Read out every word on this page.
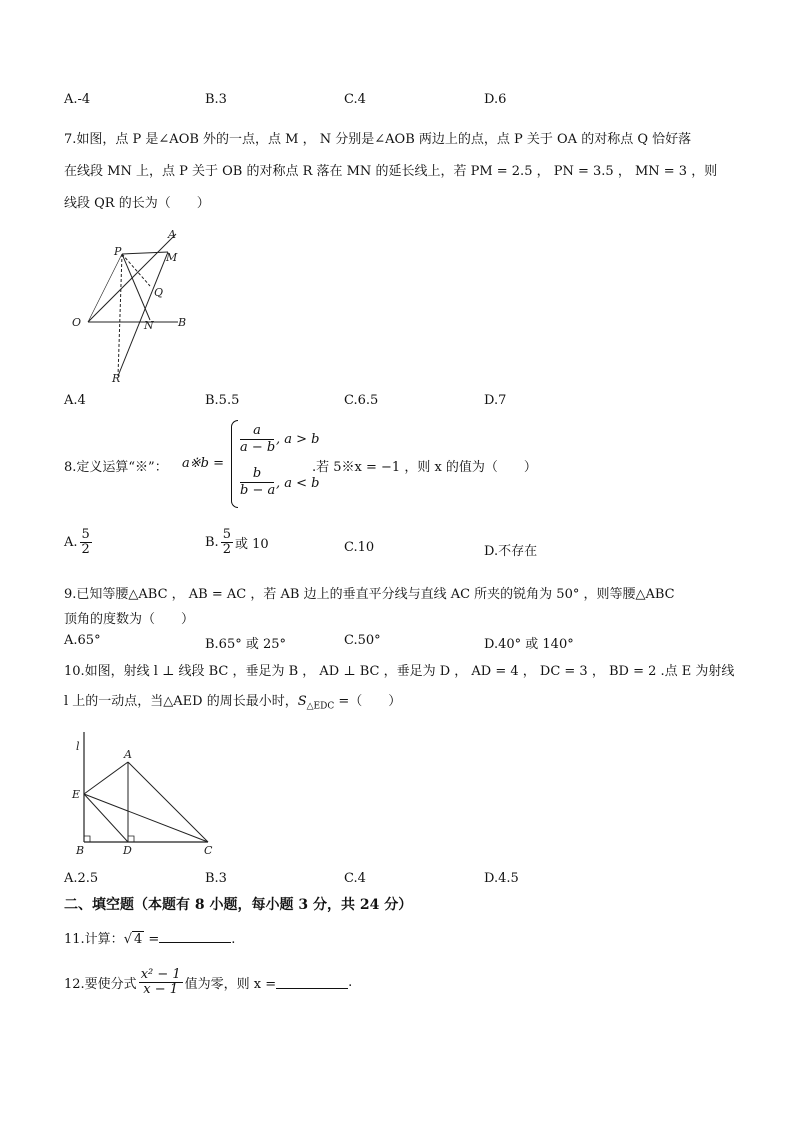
A.-4	B.3	C.4	D.6
7.如图，点 P 是∠AOB 外的一点，点 M ， N 分别是∠AOB 两边上的点，点 P 关于 OA 的对称点 Q 恰好落
在线段 MN 上，点 P 关于 OB 的对称点 R 落在 MN 的延长线上，若 PM = 2.5 ， PN = 3.5 ， MN = 3 ，则
线段 QR 的长为（　　）
P
A
M
Q
O	N B
R
A.4	B.5.5	C.6.5	D.7
8.定义运算“※”： a※b =
$\frac{a}{a - b}$ , a > b
$\frac{b}{b - a}$ , a < b
.若 5※x = −1 ，则 x 的值为（　　）
A. $\frac{5}{2}$	B. $\frac{5}{2}$ 或 10	C.10	D.不存在
9.已知等腰△ABC ， AB = AC ，若 AB 边上的垂直平分线与直线 AC 所夹的锐角为 50° ，则等腰△ABC
顶角的度数为（　　）
A.65°	B.65° 或 25°	C.50°	D.40° 或 140°
10.如图，射线 l ⊥ 线段 BC ，垂足为 B ， AD ⊥ BC ，垂足为 D ， AD = 4 ， DC = 3 ， BD = 2 .点 E 为射线
l 上的一动点，当△AED 的周长最小时，$S_{\triangle EDC}$ =（　　）
l
A
E
B	D	C
A.2.5	B.3	C.4	D.4.5
二、填空题（本题有 8 小题，每小题 3 分，共 24 分）
11.计算：√ 4 =	.
12.要使分式 $\frac{\text{x² − 1}}{x - 1}$ 值为零，则 x =	.
